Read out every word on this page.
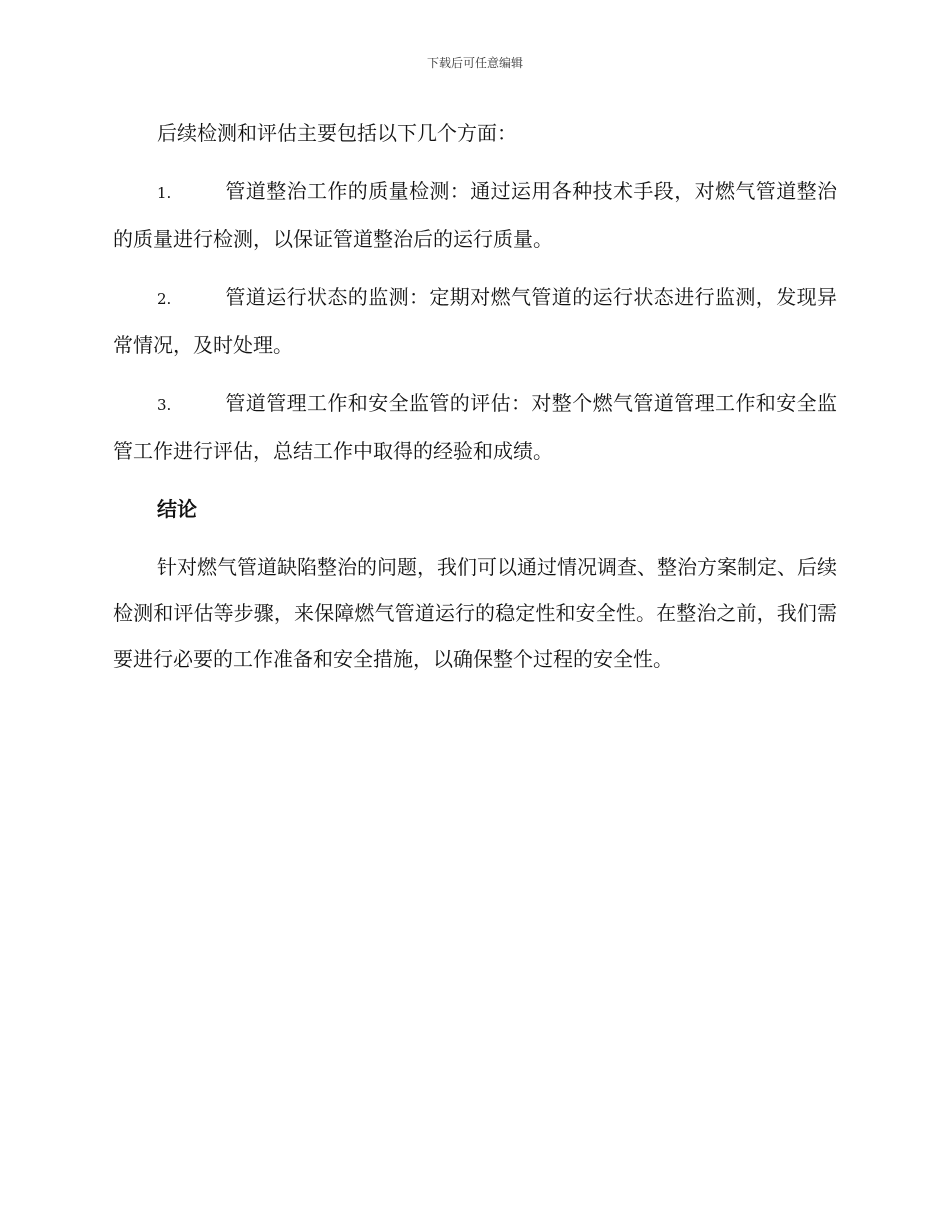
下载后可任意编辑

后续检测和评估主要包括以下几个方面：

1.	管道整治工作的质量检测：通过运用各种技术手段，对燃气管道整治的质量进行检测，以保证管道整治后的运行质量。

2.	管道运行状态的监测：定期对燃气管道的运行状态进行监测，发现异常情况，及时处理。

3.	管道管理工作和安全监管的评估：对整个燃气管道管理工作和安全监管工作进行评估，总结工作中取得的经验和成绩。

结论

针对燃气管道缺陷整治的问题，我们可以通过情况调查、整治方案制定、后续检测和评估等步骤，来保障燃气管道运行的稳定性和安全性。在整治之前，我们需要进行必要的工作准备和安全措施，以确保整个过程的安全性。
